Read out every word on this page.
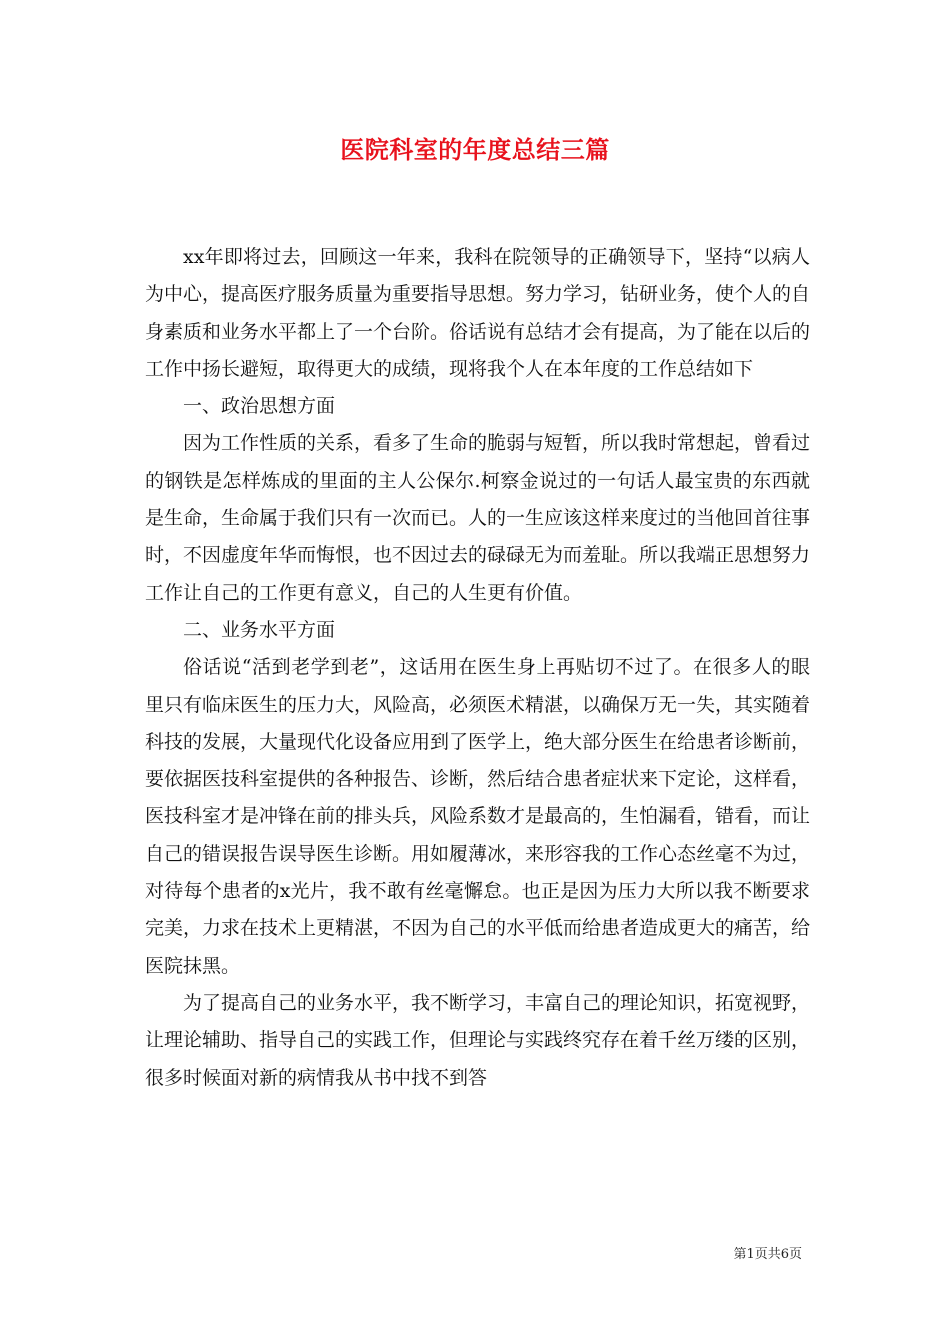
医院科室的年度总结三篇

xx年即将过去，回顾这一年来，我科在院领导的正确领导下，坚持“以病人为中心，提高医疗服务质量为重要指导思想。努力学习，钻研业务，使个人的自身素质和业务水平都上了一个台阶。俗话说有总结才会有提高，为了能在以后的工作中扬长避短，取得更大的成绩，现将我个人在本年度的工作总结如下

一、政治思想方面

因为工作性质的关系，看多了生命的脆弱与短暂，所以我时常想起，曾看过的钢铁是怎样炼成的里面的主人公保尔.柯察金说过的一句话人最宝贵的东西就是生命，生命属于我们只有一次而已。人的一生应该这样来度过的当他回首往事时，不因虚度年华而悔恨，也不因过去的碌碌无为而羞耻。所以我端正思想努力工作让自己的工作更有意义，自己的人生更有价值。

二、业务水平方面

俗话说“活到老学到老”，这话用在医生身上再贴切不过了。在很多人的眼里只有临床医生的压力大，风险高，必须医术精湛，以确保万无一失，其实随着科技的发展，大量现代化设备应用到了医学上，绝大部分医生在给患者诊断前，要依据医技科室提供的各种报告、诊断，然后结合患者症状来下定论，这样看，医技科室才是冲锋在前的排头兵，风险系数才是最高的，生怕漏看，错看，而让自己的错误报告误导医生诊断。用如履薄冰，来形容我的工作心态丝毫不为过，对待每个患者的x光片，我不敢有丝毫懈怠。也正是因为压力大所以我不断要求完美，力求在技术上更精湛，不因为自己的水平低而给患者造成更大的痛苦，给医院抹黑。

为了提高自己的业务水平，我不断学习，丰富自己的理论知识，拓宽视野，让理论辅助、指导自己的实践工作，但理论与实践终究存在着千丝万缕的区别，很多时候面对新的病情我从书中找不到答

第1页共6页
